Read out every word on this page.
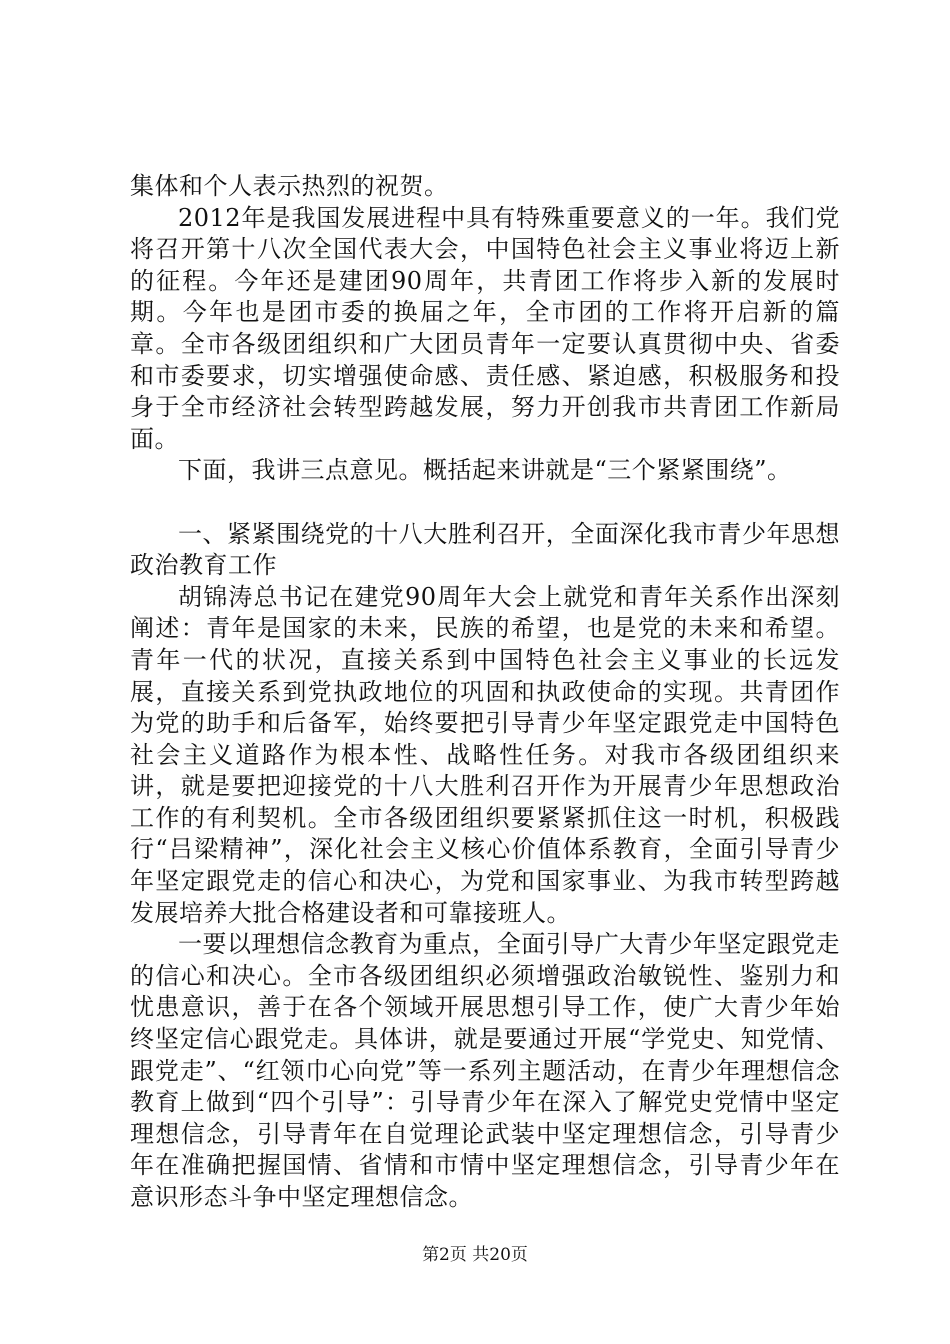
集体和个人表示热烈的祝贺。

2012年是我国发展进程中具有特殊重要意义的一年。我们党将召开第十八次全国代表大会，中国特色社会主义事业将迈上新的征程。今年还是建团90周年，共青团工作将步入新的发展时期。今年也是团市委的换届之年，全市团的工作将开启新的篇章。全市各级团组织和广大团员青年一定要认真贯彻中央、省委和市委要求，切实增强使命感、责任感、紧迫感，积极服务和投身于全市经济社会转型跨越发展，努力开创我市共青团工作新局面。

下面，我讲三点意见。概括起来讲就是“三个紧紧围绕”。

一、紧紧围绕党的十八大胜利召开，全面深化我市青少年思想政治教育工作

胡锦涛总书记在建党90周年大会上就党和青年关系作出深刻阐述：青年是国家的未来，民族的希望，也是党的未来和希望。青年一代的状况，直接关系到中国特色社会主义事业的长远发展，直接关系到党执政地位的巩固和执政使命的实现。共青团作为党的助手和后备军，始终要把引导青少年坚定跟党走中国特色社会主义道路作为根本性、战略性任务。对我市各级团组织来讲，就是要把迎接党的十八大胜利召开作为开展青少年思想政治工作的有利契机。全市各级团组织要紧紧抓住这一时机，积极践行“吕梁精神”，深化社会主义核心价值体系教育，全面引导青少年坚定跟党走的信心和决心，为党和国家事业、为我市转型跨越发展培养大批合格建设者和可靠接班人。

一要以理想信念教育为重点，全面引导广大青少年坚定跟党走的信心和决心。全市各级团组织必须增强政治敏锐性、鉴别力和忧患意识，善于在各个领域开展思想引导工作，使广大青少年始终坚定信心跟党走。具体讲，就是要通过开展“学党史、知党情、跟党走”、“红领巾心向党”等一系列主题活动，在青少年理想信念教育上做到“四个引导”：引导青少年在深入了解党史党情中坚定理想信念，引导青年在自觉理论武装中坚定理想信念，引导青少年在准确把握国情、省情和市情中坚定理想信念，引导青少年在意识形态斗争中坚定理想信念。

第2页 共20页
